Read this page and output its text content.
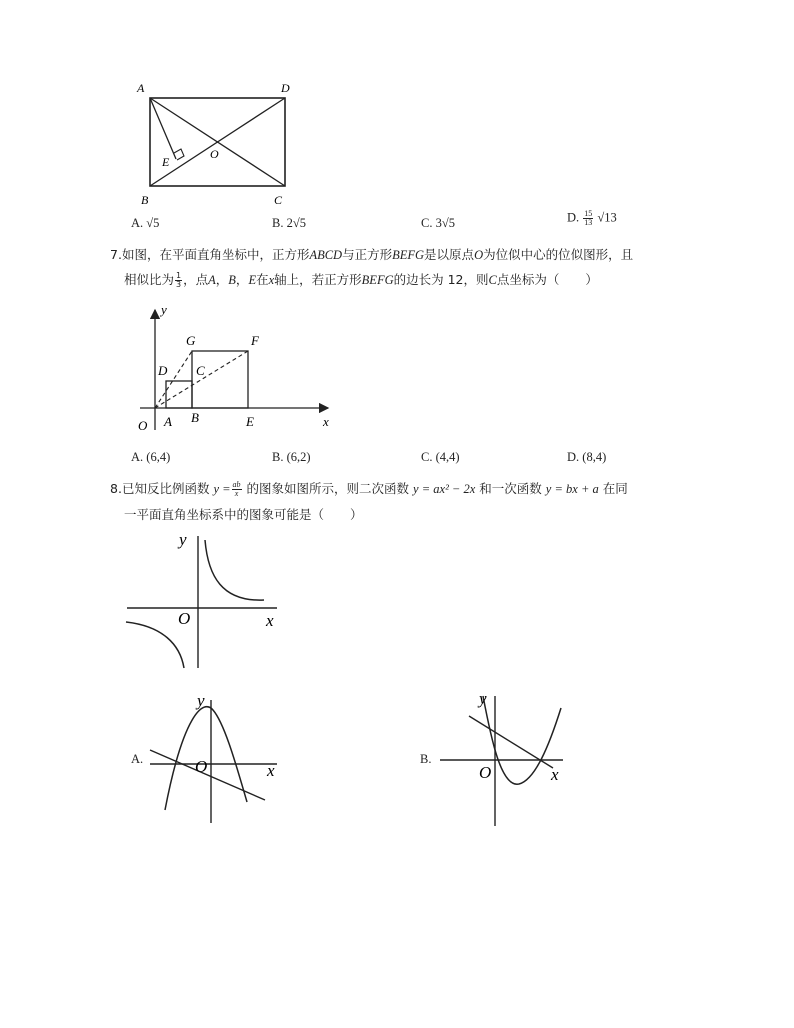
A	D
B	C
E
O
A. √5	B. 2√5	C. 3√5	D. $\frac{15}{13} √13$
7.如图，在平面直角坐标中，正方形ABCD与正方形BEFG是以原点O为位似中心的位似图形，且
相似比为 $\frac{1}{3}$ ，点A，B，E在x轴上，若正方形BEFG的边长为 12，则C点坐标为（ ）
y
x
O A B	E
D C
G	F
A. (6,4)	B. (6,2)	C. (4,4)	D. (8,4)
8.已知反比例函数 $y = \frac{ab}{x}$ 的图象如图所示，则二次函数 y = ax² − 2x 和一次函数 y = bx + a 在同
一平面直角坐标系中的图象可能是（ ）
y
x
O
A.
y
x
O	B.
y
x
O
